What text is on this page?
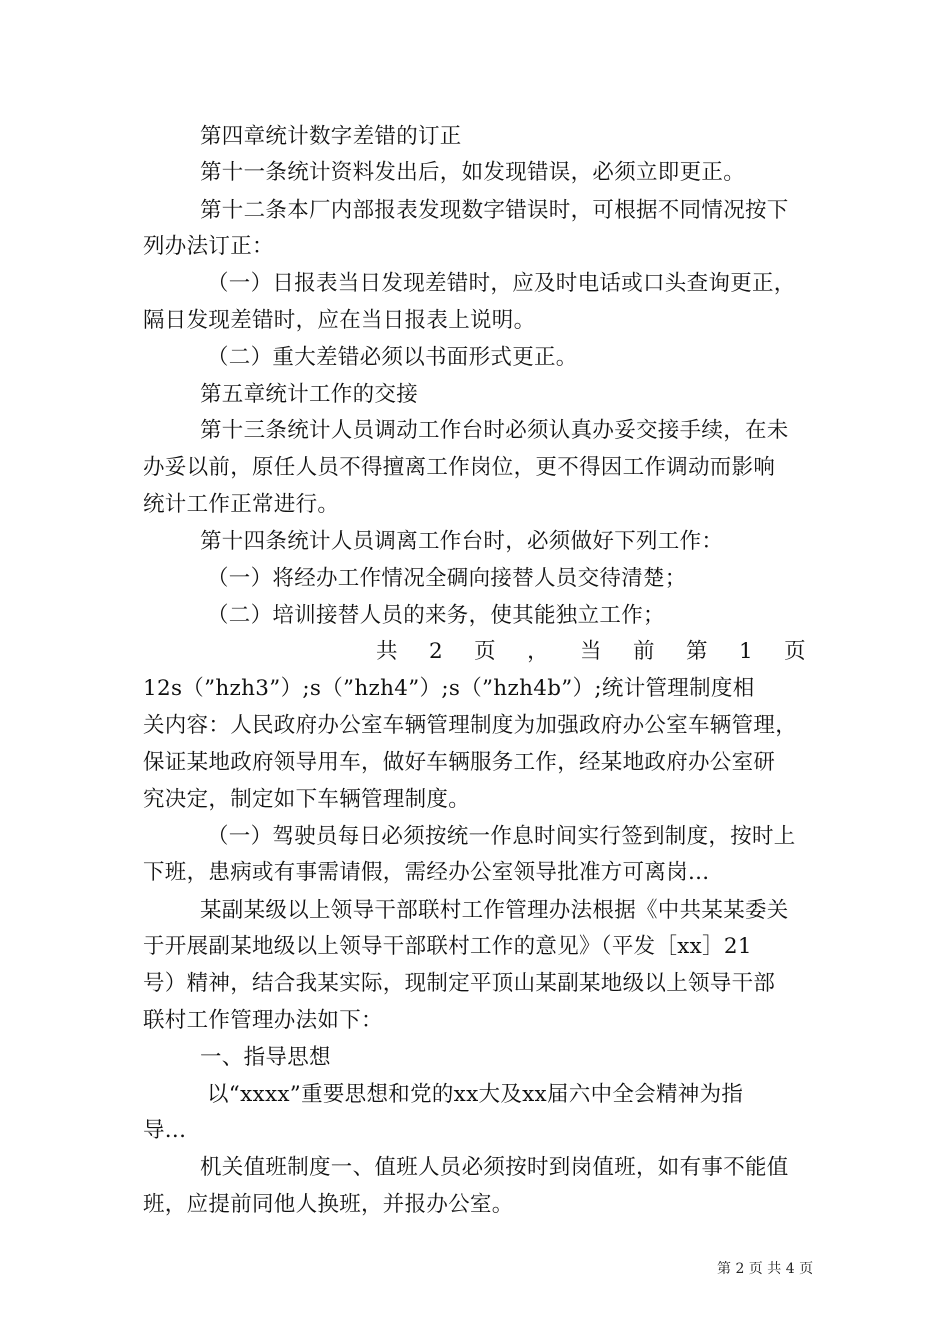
第四章统计数字差错的订正
第十一条统计资料发出后，如发现错误，必须立即更正。
第十二条本厂内部报表发现数字错误时，可根据不同情况按下
列办法订正：
（一）日报表当日发现差错时，应及时电话或口头查询更正，
隔日发现差错时，应在当日报表上说明。
（二）重大差错必须以书面形式更正。
第五章统计工作的交接
第十三条统计人员调动工作台时必须认真办妥交接手续，在未
办妥以前，原任人员不得擅离工作岗位，更不得因工作调动而影响
统计工作正常进行。
第十四条统计人员调离工作台时，必须做好下列工作：
（一）将经办工作情况全碉向接替人员交待清楚；
（二）培训接替人员的来务，使其能独立工作；
共 2 页 ， 当 前 第 1 页
12s（”hzh3”）;s（”hzh4”）;s（”hzh4b”）;统计管理制度相
关内容：人民政府办公室车辆管理制度为加强政府办公室车辆管理，
保证某地政府领导用车，做好车辆服务工作，经某地政府办公室研
究决定，制定如下车辆管理制度。
（一）驾驶员每日必须按统一作息时间实行签到制度，按时上
下班，患病或有事需请假，需经办公室领导批准方可离岗...
某副某级以上领导干部联村工作管理办法根据《中共某某委关
于开展副某地级以上领导干部联村工作的意见》（平发［xx］21
号）精神，结合我某实际，现制定平顶山某副某地级以上领导干部
联村工作管理办法如下：
一、指导思想
以“xxxx”重要思想和党的xx大及xx届六中全会精神为指
导...
机关值班制度一、值班人员必须按时到岗值班，如有事不能值
班，应提前同他人换班，并报办公室。
第 2 页 共 4 页
